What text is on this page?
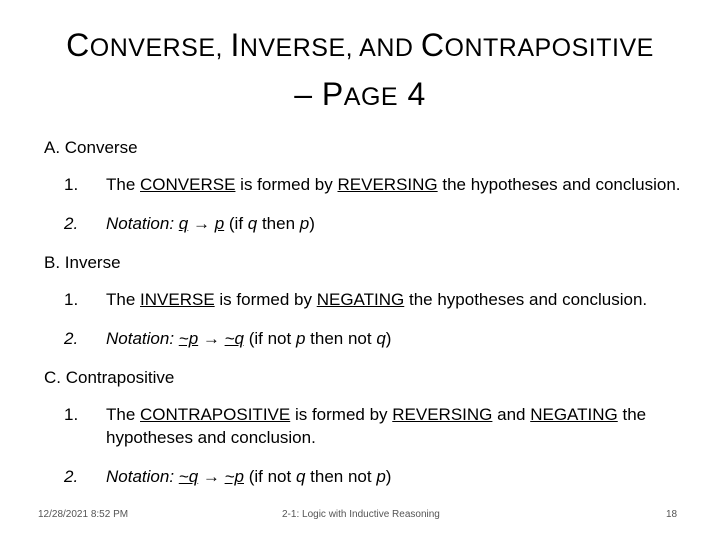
CONVERSE, INVERSE, AND CONTRAPOSITIVE
– PAGE 4
A. Converse
1. The CONVERSE is formed by REVERSING the hypotheses and conclusion.
2. Notation: q → p (if q then p)
B. Inverse
1. The INVERSE is formed by NEGATING the hypotheses and conclusion.
2. Notation: ~p → ~q (if not p then not q)
C. Contrapositive
1. The CONTRAPOSITIVE is formed by REVERSING and NEGATING the hypotheses and conclusion.
2. Notation: ~q → ~p (if not q then not p)
12/28/2021 8:52 PM	2-1: Logic with Inductive Reasoning	18
